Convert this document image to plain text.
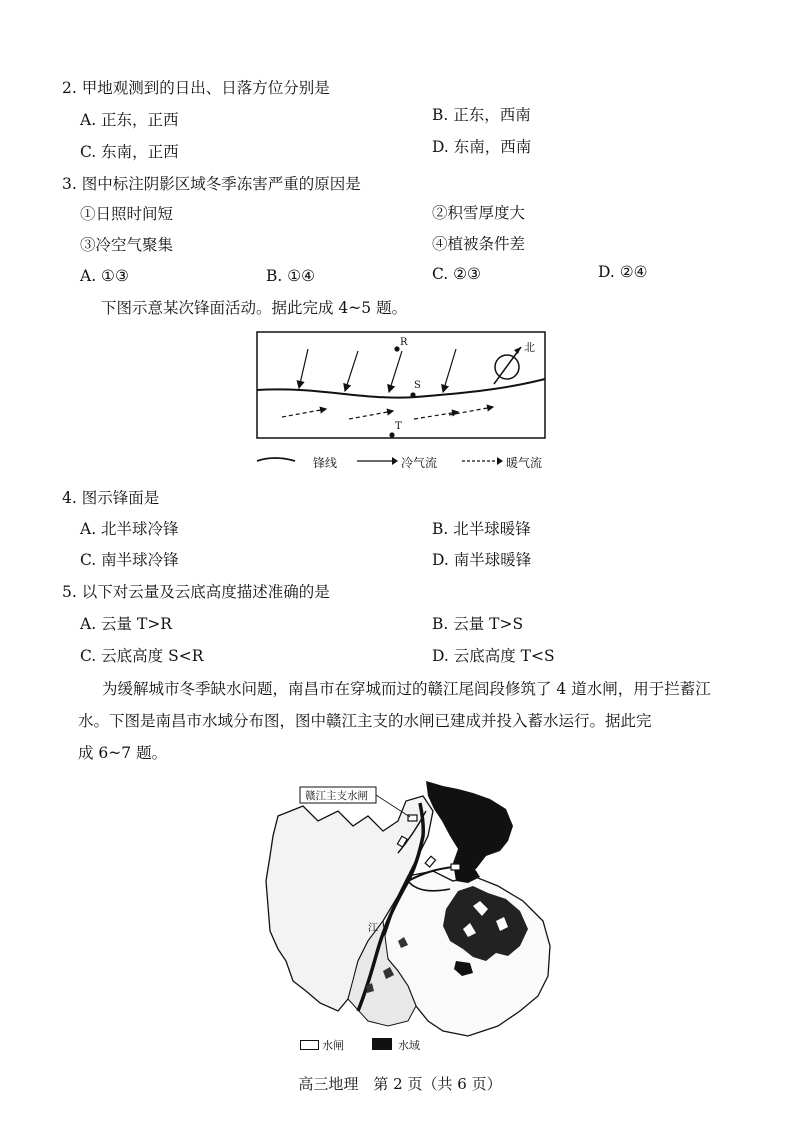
2. 甲地观测到的日出、日落方位分别是
A. 正东，正西	B. 正东，西南
C. 东南，正西	D. 东南，西南
3. 图中标注阴影区域冬季冻害严重的原因是
①日照时间短	②积雪厚度大
③冷空气聚集	④植被条件差
A. ①③	B. ①④	C. ②③	D. ②④
下图示意某次锋面活动。据此完成 4~5 题。
R
S
T
北
锋线	冷气流	暖气流
4. 图示锋面是
A. 北半球冷锋	B. 北半球暖锋
C. 南半球冷锋	D. 南半球暖锋
5. 以下对云量及云底高度描述准确的是
A. 云量 T>R	B. 云量 T>S
C. 云底高度 S<R	D. 云底高度 T<S
为缓解城市冬季缺水问题，南昌市在穿城而过的赣江尾闾段修筑了 4 道水闸，用于拦蓄江
水。下图是南昌市水域分布图，图中赣江主支的水闸已建成并投入蓄水运行。据此完
成 6~7 题。
赣江主支水闸
江
水闸	水域
高三地理　第 2 页（共 6 页）
